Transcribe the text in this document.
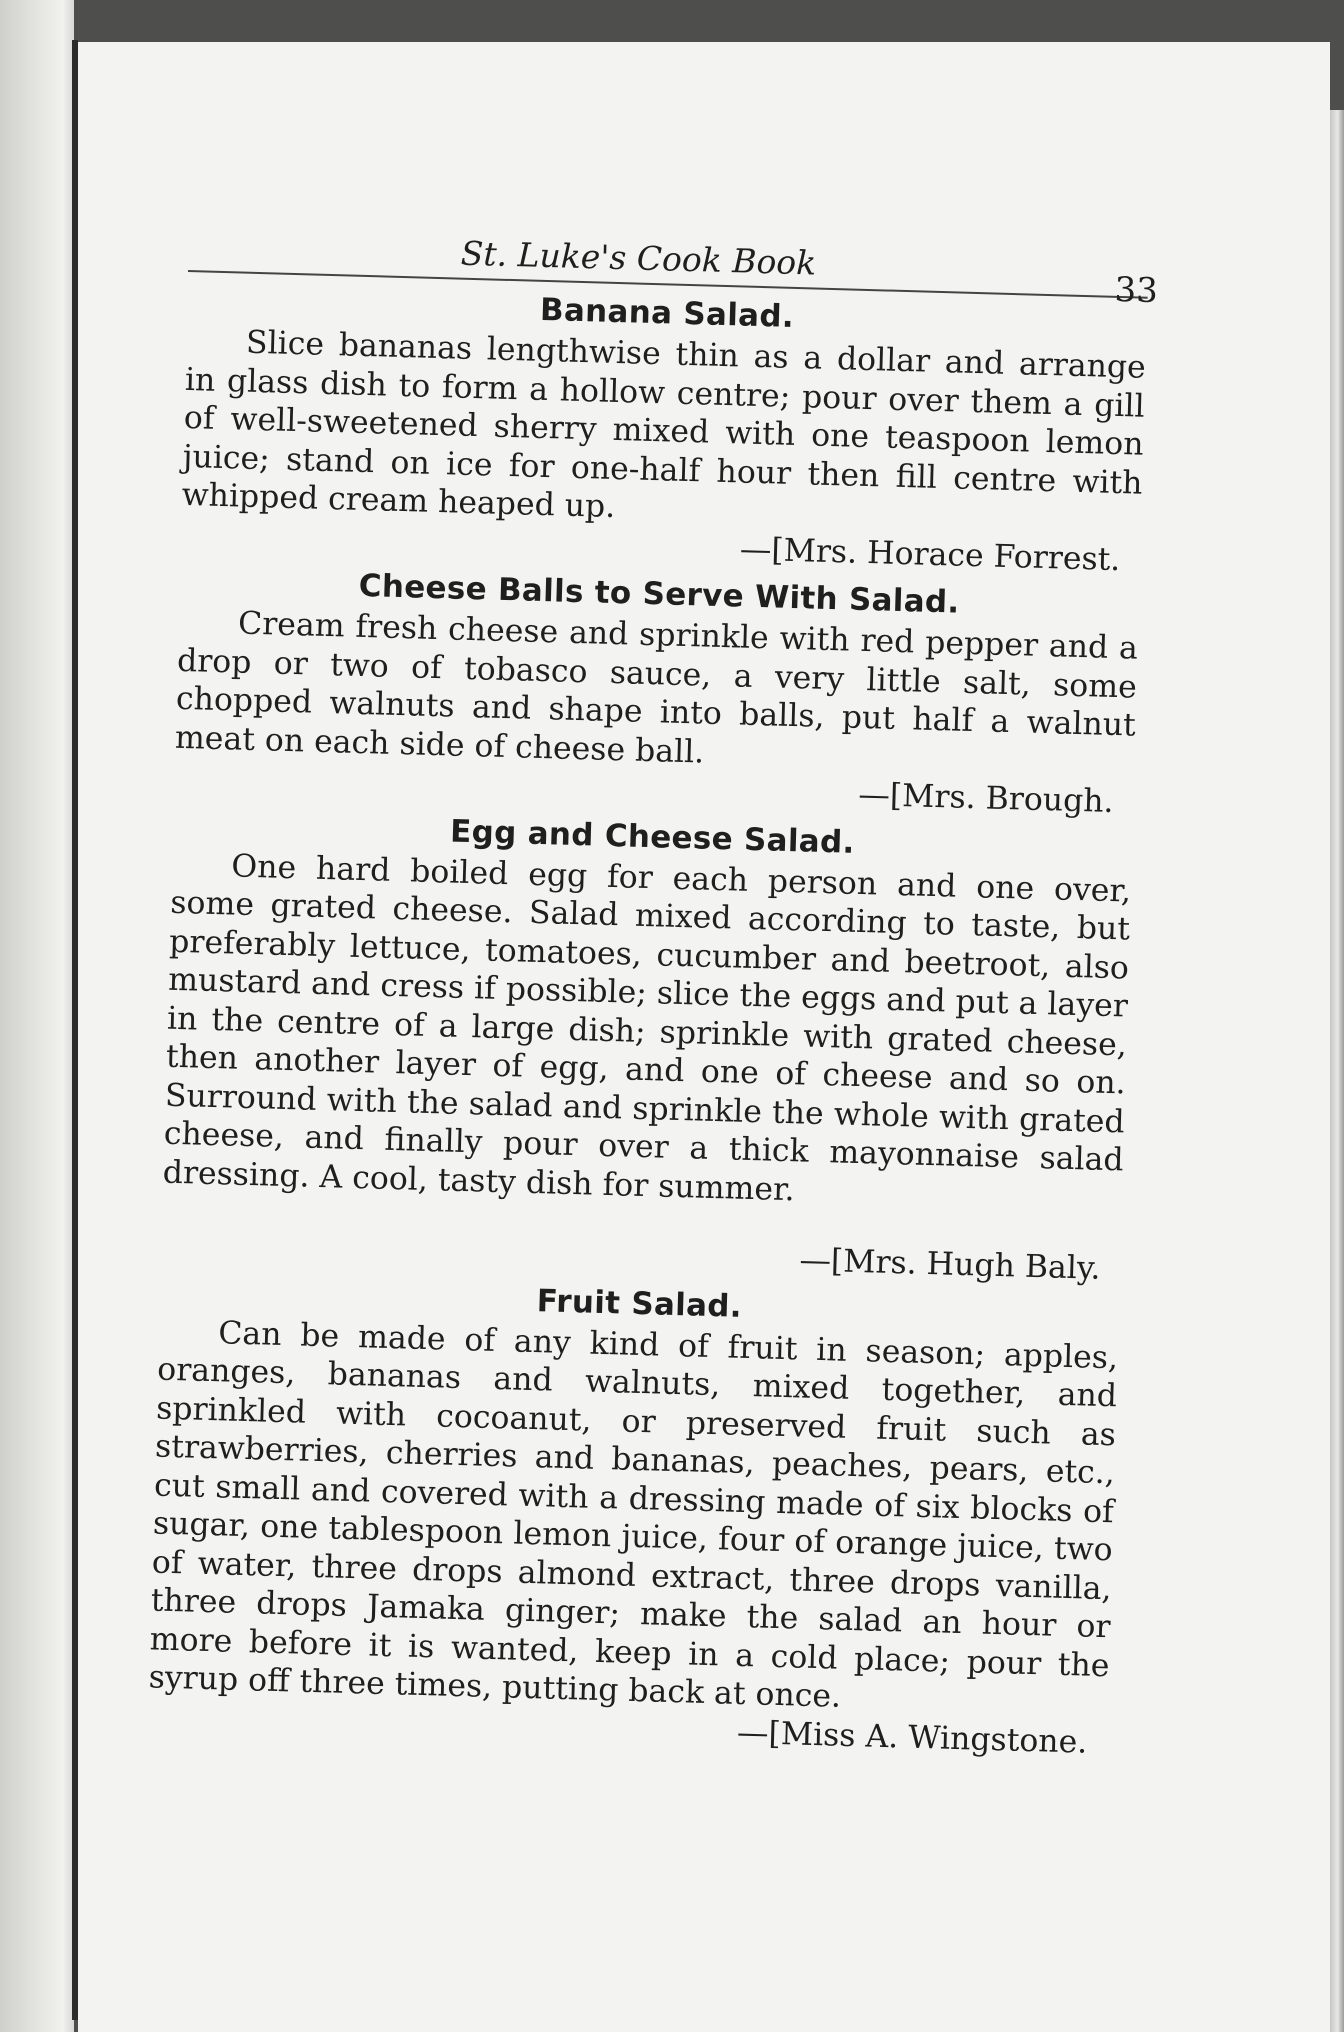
St. Luke's Cook Book
33
Banana Salad.

Slice bananas lengthwise thin as a dollar and arrange in glass dish to form a hollow centre; pour over them a gill of well-sweetened sherry mixed with one teaspoon lemon juice; stand on ice for one-half hour then fill centre with whipped cream heaped up.

—[Mrs. Horace Forrest.

Cheese Balls to Serve With Salad.

Cream fresh cheese and sprinkle with red pepper and a drop or two of tobasco sauce, a very little salt, some chopped walnuts and shape into balls, put half a walnut meat on each side of cheese ball.

—[Mrs. Brough.

Egg and Cheese Salad.

One hard boiled egg for each person and one over, some grated cheese. Salad mixed according to taste, but preferably lettuce, tomatoes, cucumber and beetroot, also mustard and cress if possible; slice the eggs and put a layer in the centre of a large dish; sprinkle with grated cheese, then another layer of egg, and one of cheese and so on. Surround with the salad and sprinkle the whole with grated cheese, and finally pour over a thick mayonnaise salad dressing. A cool, tasty dish for summer.

—[Mrs. Hugh Baly.

Fruit Salad.

Can be made of any kind of fruit in season; apples, oranges, bananas and walnuts, mixed together, and sprinkled with cocoanut, or preserved fruit such as strawberries, cherries and bananas, peaches, pears, etc., cut small and covered with a dressing made of six blocks of sugar, one tablespoon lemon juice, four of orange juice, two of water, three drops almond extract, three drops vanilla, three drops Jamaka ginger; make the salad an hour or more before it is wanted, keep in a cold place; pour the syrup off three times, putting back at once.

—[Miss A. Wingstone.
